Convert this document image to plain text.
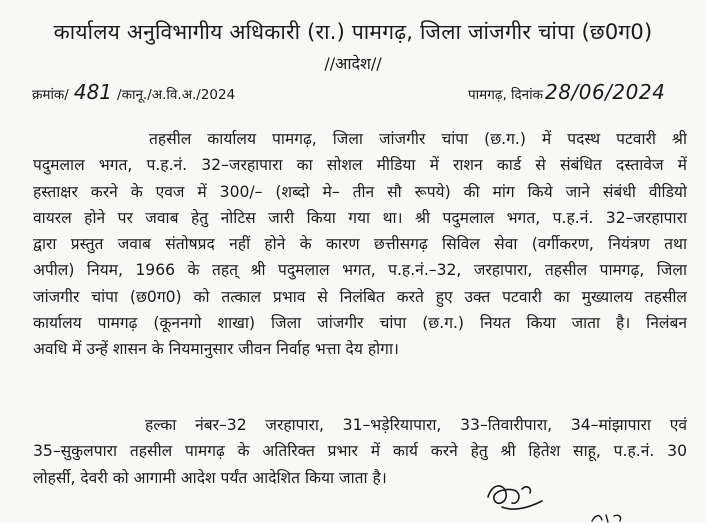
कार्यालय अनुविभागीय अधिकारी (रा.) पामगढ़, जिला जांजगीर चांपा (छ0ग0)
//आदेश//
क्रमांक/ 481 /कानू./अ.वि.अ./2024	पामगढ़, दिनांक 28/06/2024
तहसील कार्यालय पामगढ़, जिला जांजगीर चांपा (छ.ग.) में पदस्थ पटवारी श्री
पदुमलाल भगत, प.ह.नं. 32–जरहापारा का सोशल मीडिया में राशन कार्ड से संबंधित दस्तावेज में
हस्ताक्षर करने के एवज में 300/– (शब्दो मे– तीन सौ रूपये) की मांग किये जाने संबंधी वीडियो
वायरल होने पर जवाब हेतु नोटिस जारी किया गया था। श्री पदुमलाल भगत, प.ह.नं. 32–जरहापारा
द्वारा प्रस्तुत जवाब संतोषप्रद नहीं होने के कारण छत्तीसगढ़ सिविल सेवा (वर्गीकरण, नियंत्रण तथा
अपील) नियम, 1966 के तहत् श्री पदुमलाल भगत, प.ह.नं.–32, जरहापारा, तहसील पामगढ़, जिला
जांजगीर चांपा (छ0ग0) को तत्काल प्रभाव से निलंबित करते हुए उक्त पटवारी का मुख्यालय तहसील
कार्यालय पामगढ़ (कूननगो शाखा) जिला जांजगीर चांपा (छ.ग.) नियत किया जाता है। निलंबन
अवधि में उन्हें शासन के नियमानुसार जीवन निर्वाह भत्ता देय होगा।
हल्का नंबर–32 जरहापारा, 31–भड़ेरियापारा, 33–तिवारीपारा, 34–मांझापारा एवं
35–सुकुलपारा तहसील पामगढ़ के अतिरिक्त प्रभार में कार्य करने हेतु श्री हितेश साहू, प.ह.नं. 30
लोहर्सी, देवरी को आगामी आदेश पर्यंत आदेशित किया जाता है।
